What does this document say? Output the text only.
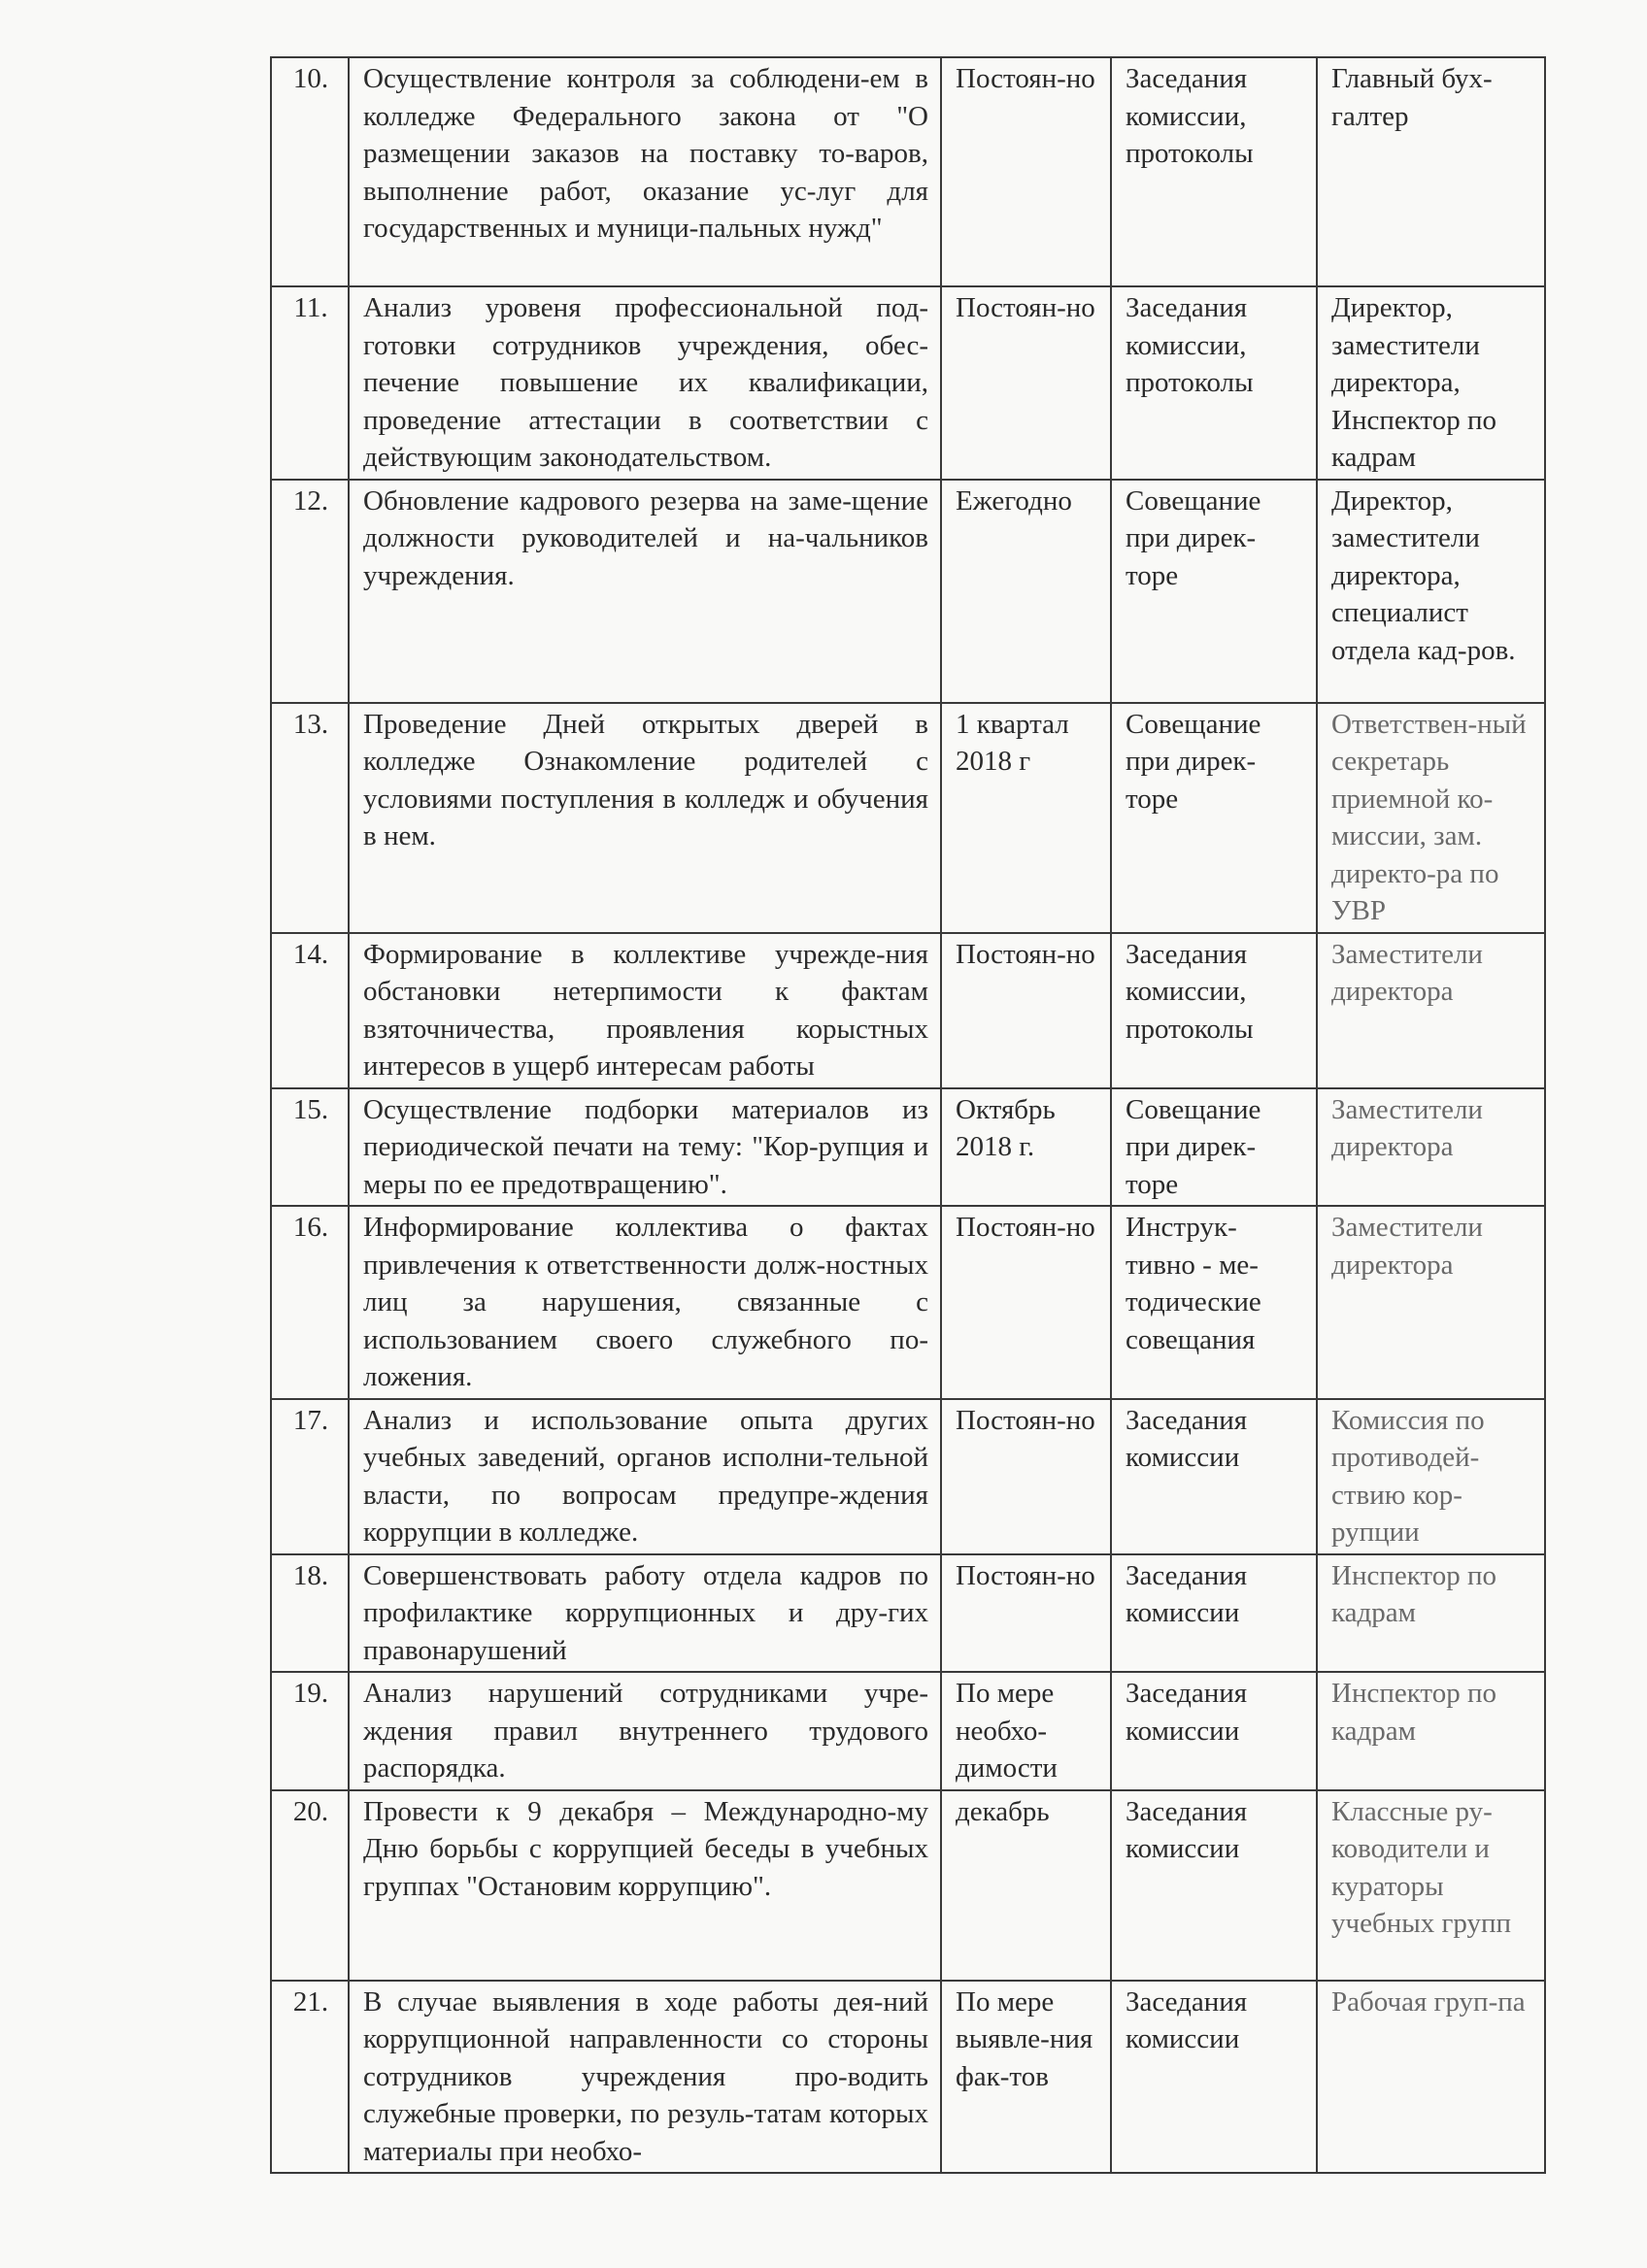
10.	Осуществление контроля за соблюдени-ем в колледже Федерального закона от "О размещении заказов на поставку то-варов, выполнение работ, оказание ус-луг для государственных и муници-пальных нужд"	Постоян-но	Заседания комиссии, протоколы	Главный бух-галтер
11.	Анализ уровеня профессиональной под-готовки сотрудников учреждения, обес-печение повышение их квалификации, проведение аттестации в соответствии с действующим законодательством.	Постоян-но	Заседания комиссии, протоколы	Директор, заместители директора, Инспектор по кадрам
12.	Обновление кадрового резерва на заме-щение должности руководителей и на-чальников учреждения.	Ежегодно	Совещание при дирек-торе	Директор, заместители директора, специалист отдела кад-ров.
13.	Проведение Дней открытых дверей в колледже Ознакомление родителей с условиями поступления в колледж и обучения в нем.	1 квартал 2018 г	Совещание при дирек-торе	Ответствен-ный секретарь приемной ко-миссии, зам. директо-ра по УВР
14.	Формирование в коллективе учрежде-ния обстановки нетерпимости к фактам взяточничества, проявления корыстных интересов в ущерб интересам работы	Постоян-но	Заседания комиссии, протоколы	Заместители директора
15.	Осуществление подборки материалов из периодической печати на тему: "Кор-рупция и меры по ее предотвращению".	Октябрь 2018 г.	Совещание при дирек-торе	Заместители директора
16.	Информирование коллектива о фактах привлечения к ответственности долж-ностных лиц за нарушения, связанные с использованием своего служебного по-ложения.	Постоян-но	Инструк-тивно - ме-тодические совещания	Заместители директора
17.	Анализ и использование опыта других учебных заведений, органов исполни-тельной власти, по вопросам предупре-ждения коррупции в колледже.	Постоян-но	Заседания комиссии	Комиссия по противодей-ствию кор-рупции
18.	Совершенствовать работу отдела кадров по профилактике коррупционных и дру-гих правонарушений	Постоян-но	Заседания комиссии	Инспектор по кадрам
19.	Анализ нарушений сотрудниками учре-ждения правил внутреннего трудового распорядка.	По мере необхо-димости	Заседания комиссии	Инспектор по кадрам
20.	Провести к 9 декабря – Международно-му Дню борьбы с коррупцией беседы в учебных группах "Остановим коррупцию".	декабрь	Заседания комиссии	Классные ру-ководители и кураторы учебных групп
21.	В случае выявления в ходе работы дея-ний коррупционной направленности со стороны сотрудников учреждения про-водить служебные проверки, по резуль-татам которых материалы при необхо-	По мере выявле-ния фак-тов	Заседания комиссии	Рабочая груп-па
